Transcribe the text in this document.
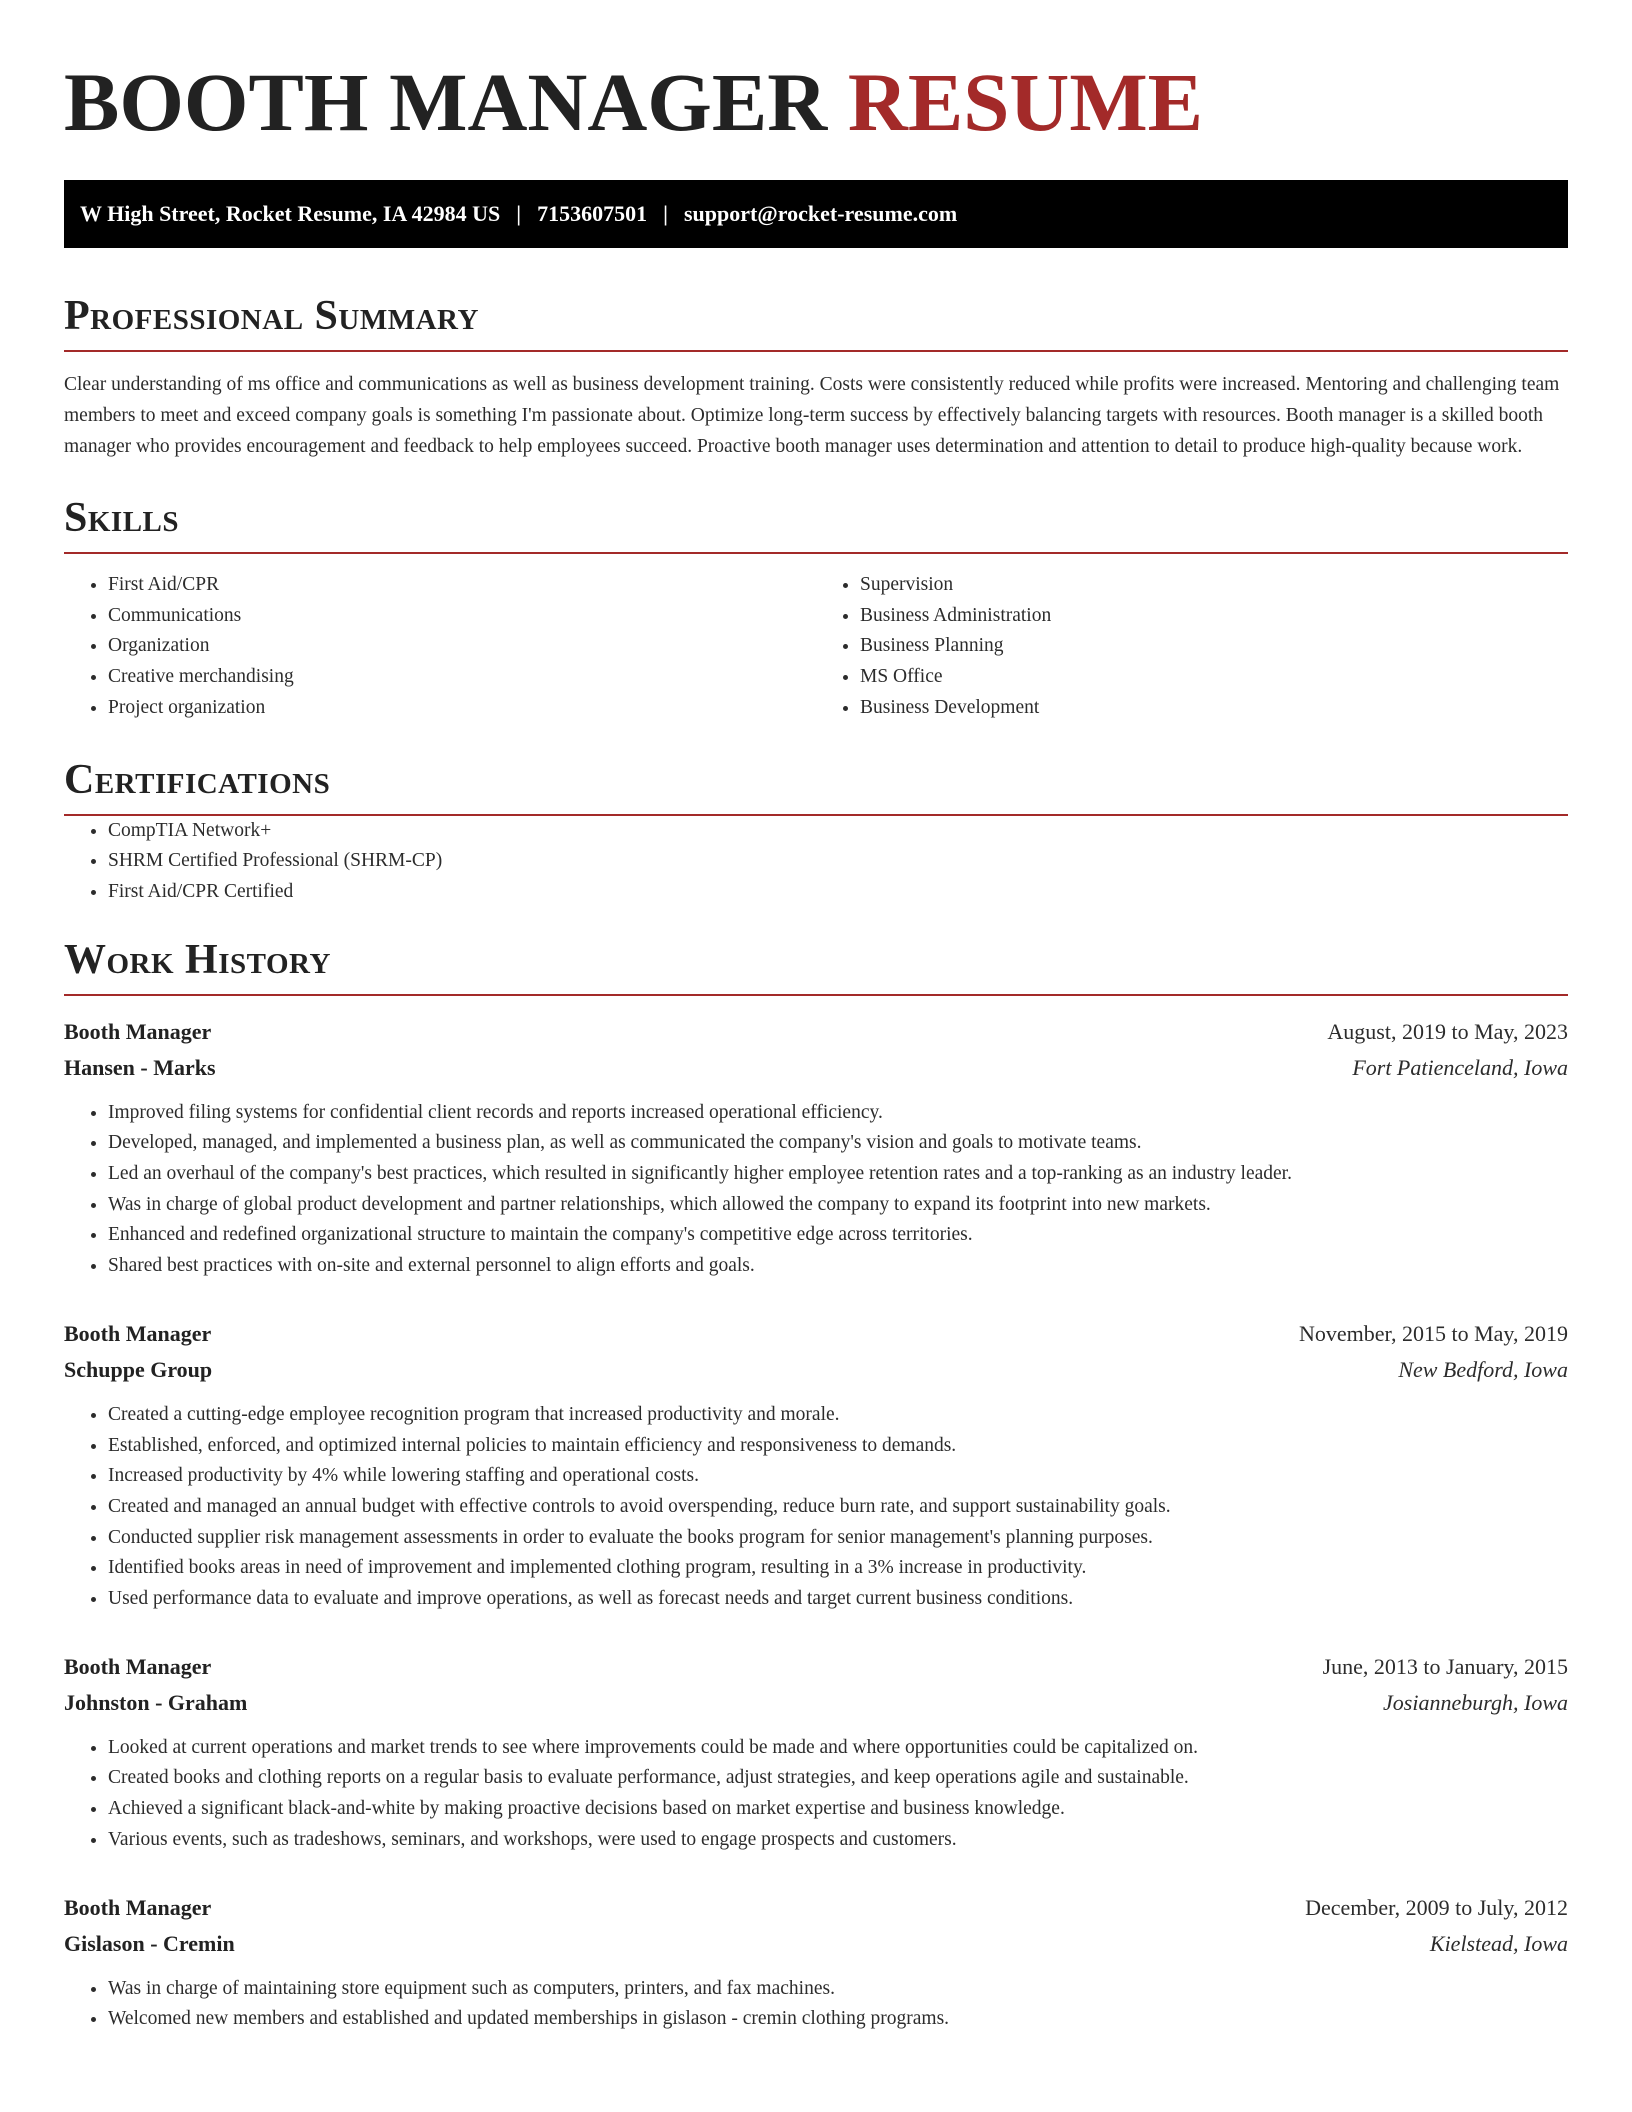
BOOTH MANAGER RESUME
W High Street, Rocket Resume, IA 42984 US | 7153607501 | support@rocket-resume.com
Professional Summary

Clear understanding of ms office and communications as well as business development training. Costs were consistently reduced while profits were increased. Mentoring and challenging team members to meet and exceed company goals is something I'm passionate about. Optimize long-term success by effectively balancing targets with resources. Booth manager is a skilled booth manager who provides encouragement and feedback to help employees succeed. Proactive booth manager uses determination and attention to detail to produce high-quality because work.

Skills
• First Aid/CPR
• Communications
• Organization
• Creative merchandising
• Project organization
• Supervision
• Business Administration
• Business Planning
• MS Office
• Business Development
Certifications
• CompTIA Network+
• SHRM Certified Professional (SHRM-CP)
• First Aid/CPR Certified
Work History
Booth Manager	August, 2019 to May, 2023
Hansen - Marks	Fort Patienceland, Iowa
• Improved filing systems for confidential client records and reports increased operational efficiency.
• Developed, managed, and implemented a business plan, as well as communicated the company's vision and goals to motivate teams.
• Led an overhaul of the company's best practices, which resulted in significantly higher employee retention rates and a top-ranking as an industry leader.
• Was in charge of global product development and partner relationships, which allowed the company to expand its footprint into new markets.
• Enhanced and redefined organizational structure to maintain the company's competitive edge across territories.
• Shared best practices with on-site and external personnel to align efforts and goals.
Booth Manager	November, 2015 to May, 2019
Schuppe Group	New Bedford, Iowa
• Created a cutting-edge employee recognition program that increased productivity and morale.
• Established, enforced, and optimized internal policies to maintain efficiency and responsiveness to demands.
• Increased productivity by 4% while lowering staffing and operational costs.
• Created and managed an annual budget with effective controls to avoid overspending, reduce burn rate, and support sustainability goals.
• Conducted supplier risk management assessments in order to evaluate the books program for senior management's planning purposes.
• Identified books areas in need of improvement and implemented clothing program, resulting in a 3% increase in productivity.
• Used performance data to evaluate and improve operations, as well as forecast needs and target current business conditions.
Booth Manager	June, 2013 to January, 2015
Johnston - Graham	Josianneburgh, Iowa
• Looked at current operations and market trends to see where improvements could be made and where opportunities could be capitalized on.
• Created books and clothing reports on a regular basis to evaluate performance, adjust strategies, and keep operations agile and sustainable.
• Achieved a significant black-and-white by making proactive decisions based on market expertise and business knowledge.
• Various events, such as tradeshows, seminars, and workshops, were used to engage prospects and customers.
Booth Manager	December, 2009 to July, 2012
Gislason - Cremin	Kielstead, Iowa
• Was in charge of maintaining store equipment such as computers, printers, and fax machines.
• Welcomed new members and established and updated memberships in gislason - cremin clothing programs.
